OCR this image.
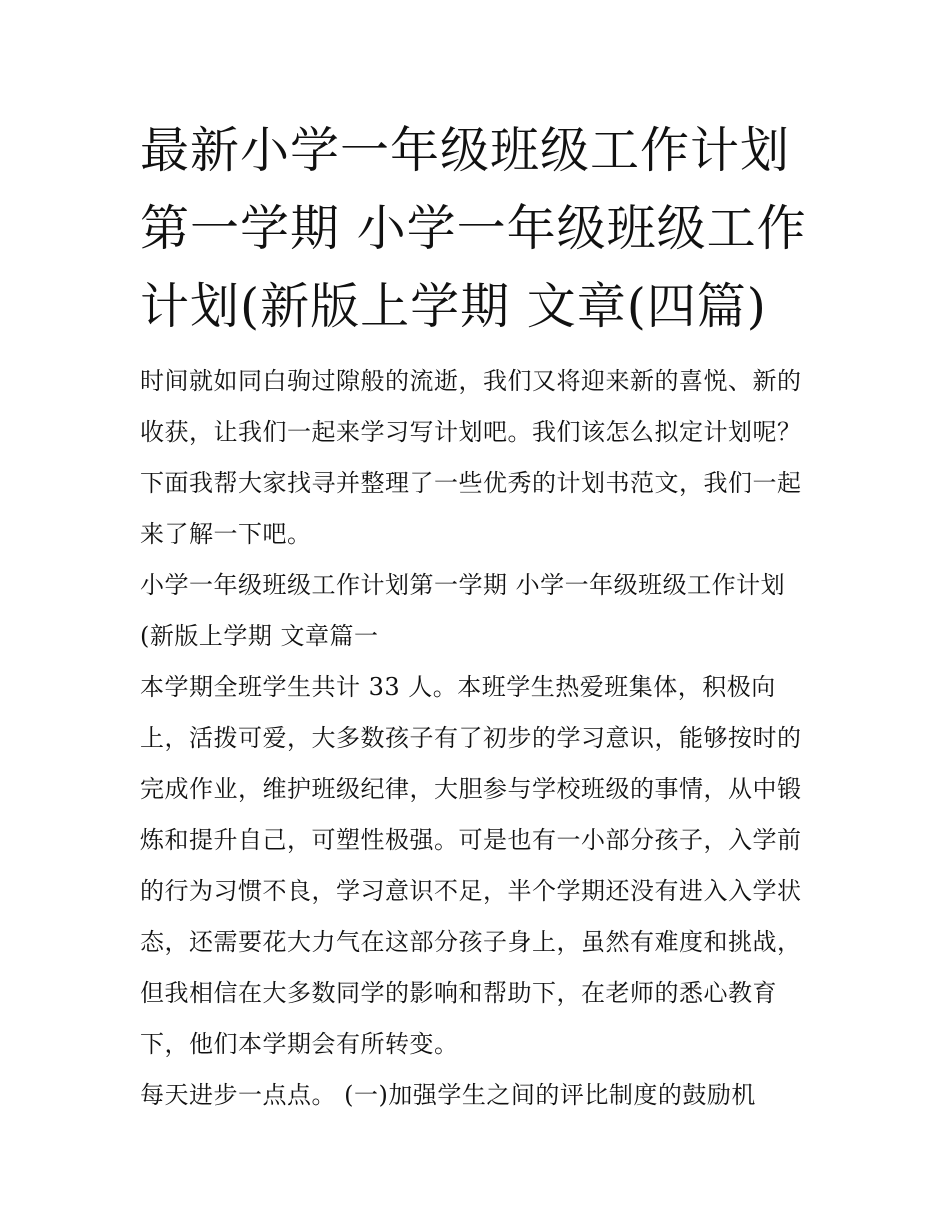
最新小学一年级班级工作计划
第一学期 小学一年级班级工作
计划(新版上学期 文章(四篇)
时间就如同白驹过隙般的流逝，我们又将迎来新的喜悦、新的
收获，让我们一起来学习写计划吧。我们该怎么拟定计划呢？
下面我帮大家找寻并整理了一些优秀的计划书范文，我们一起
来了解一下吧。
小学一年级班级工作计划第一学期 小学一年级班级工作计划
(新版上学期 文章篇一
本学期全班学生共计 33 人。本班学生热爱班集体，积极向
上，活拨可爱，大多数孩子有了初步的学习意识，能够按时的
完成作业，维护班级纪律，大胆参与学校班级的事情，从中锻
炼和提升自己，可塑性极强。可是也有一小部分孩子，入学前
的行为习惯不良，学习意识不足，半个学期还没有进入入学状
态，还需要花大力气在这部分孩子身上，虽然有难度和挑战，
但我相信在大多数同学的影响和帮助下，在老师的悉心教育
下，他们本学期会有所转变。
每天进步一点点。 (一)加强学生之间的评比制度的鼓励机
